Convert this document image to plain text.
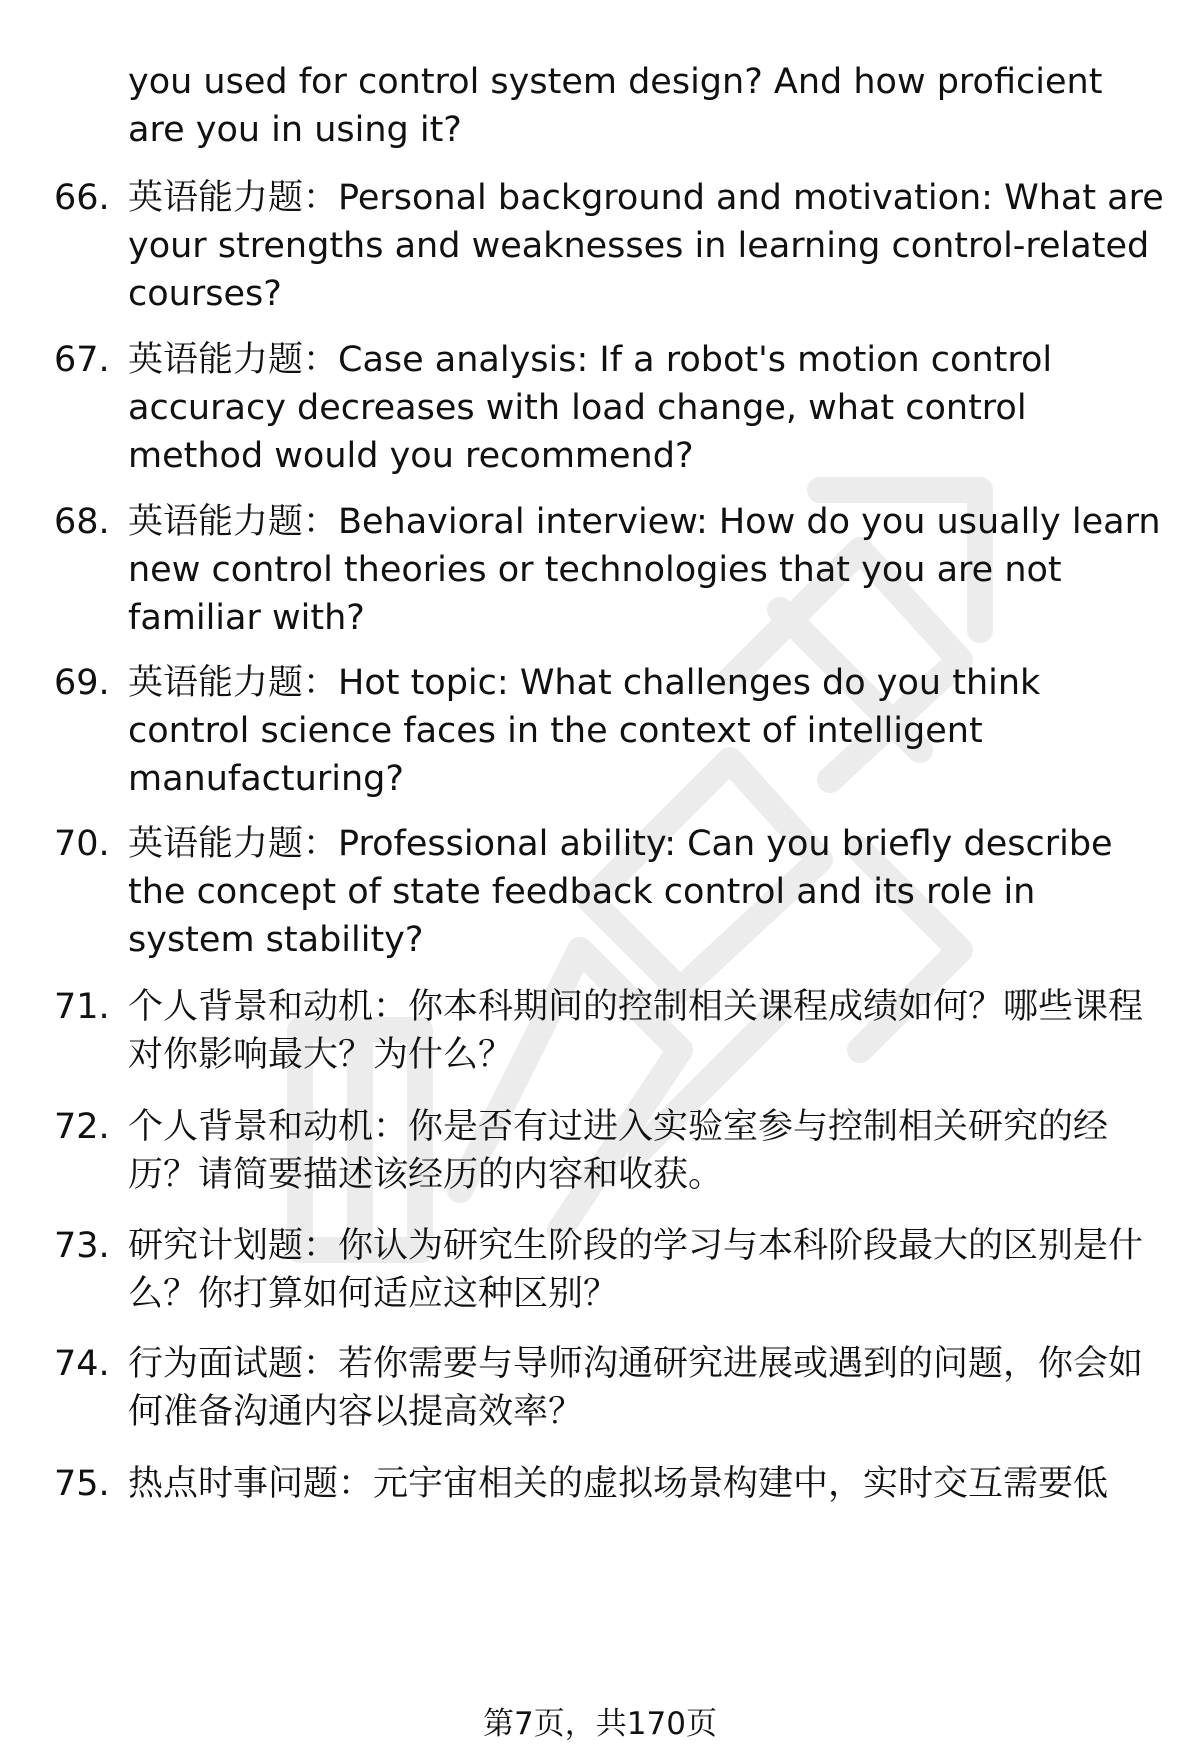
you used for control system design? And how proficient are you in using it?
66. 英语能力题：Personal background and motivation: What are your strengths and weaknesses in learning control-related courses?
67. 英语能力题：Case analysis: If a robot's motion control accuracy decreases with load change, what control method would you recommend?
68. 英语能力题：Behavioral interview: How do you usually learn new control theories or technologies that you are not familiar with?
69. 英语能力题：Hot topic: What challenges do you think control science faces in the context of intelligent manufacturing?
70. 英语能力题：Professional ability: Can you briefly describe the concept of state feedback control and its role in system stability?
71. 个人背景和动机：你本科期间的控制相关课程成绩如何？哪些课程对你影响最大？为什么？
72. 个人背景和动机：你是否有过进入实验室参与控制相关研究的经历？请简要描述该经历的内容和收获。
73. 研究计划题：你认为研究生阶段的学习与本科阶段最大的区别是什么？你打算如何适应这种区别？
74. 行为面试题：若你需要与导师沟通研究进展或遇到的问题，你会如何准备沟通内容以提高效率？
75. 热点时事问题：元宇宙相关的虚拟场景构建中，实时交互需要低
第7页，共170页
